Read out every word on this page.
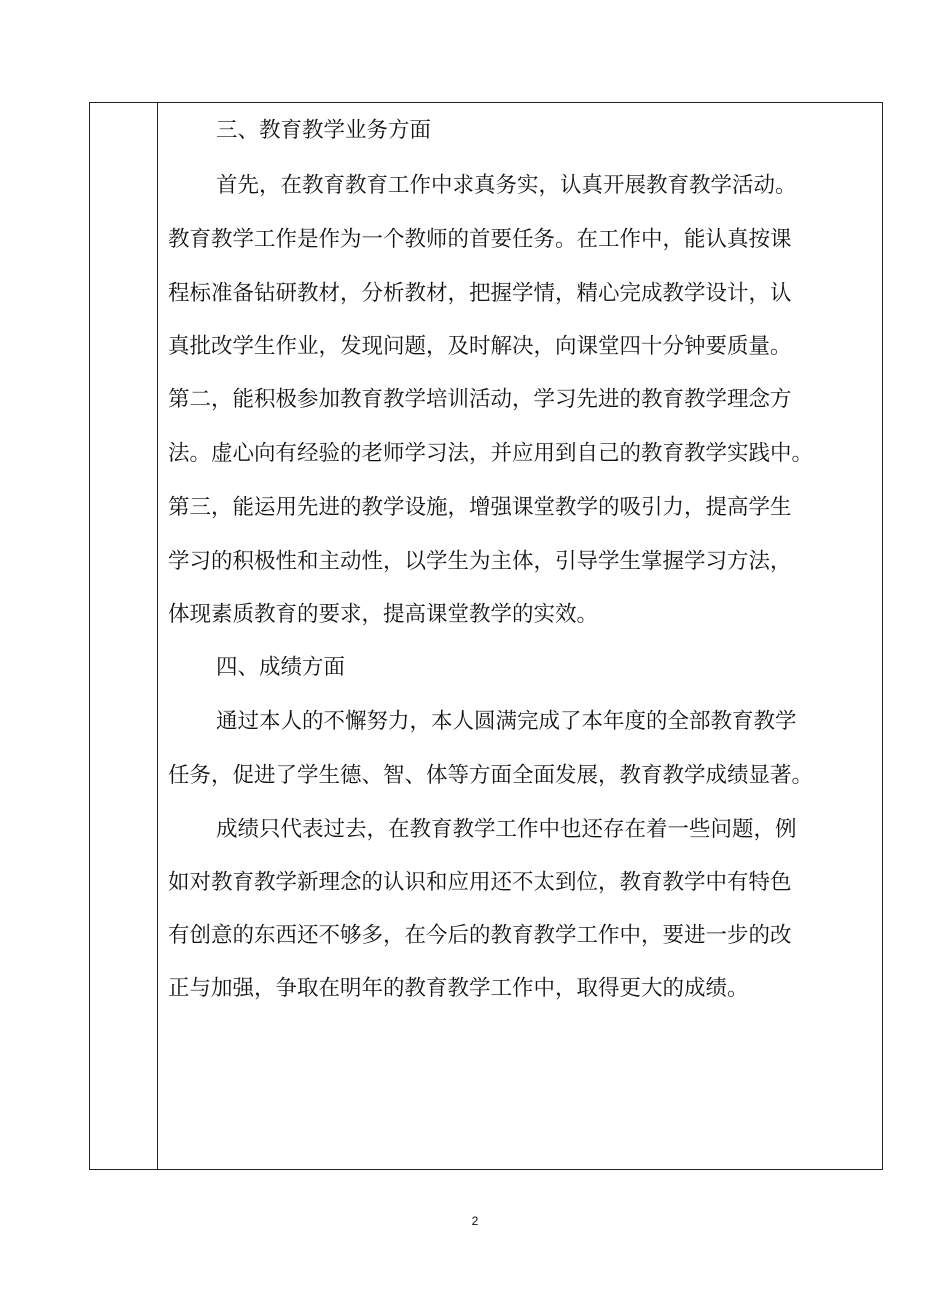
三、教育教学业务方面
首先，在教育教育工作中求真务实，认真开展教育教学活动。
教育教学工作是作为一个教师的首要任务。在工作中，能认真按课
程标准备钻研教材，分析教材，把握学情，精心完成教学设计，认
真批改学生作业，发现问题，及时解决，向课堂四十分钟要质量。
第二，能积极参加教育教学培训活动，学习先进的教育教学理念方
法。虚心向有经验的老师学习法，并应用到自己的教育教学实践中。
第三，能运用先进的教学设施，增强课堂教学的吸引力，提高学生
学习的积极性和主动性，以学生为主体，引导学生掌握学习方法，
体现素质教育的要求，提高课堂教学的实效。
四、成绩方面
通过本人的不懈努力，本人圆满完成了本年度的全部教育教学
任务，促进了学生德、智、体等方面全面发展，教育教学成绩显著。
成绩只代表过去，在教育教学工作中也还存在着一些问题，例
如对教育教学新理念的认识和应用还不太到位，教育教学中有特色
有创意的东西还不够多，在今后的教育教学工作中，要进一步的改
正与加强，争取在明年的教育教学工作中，取得更大的成绩。
2
